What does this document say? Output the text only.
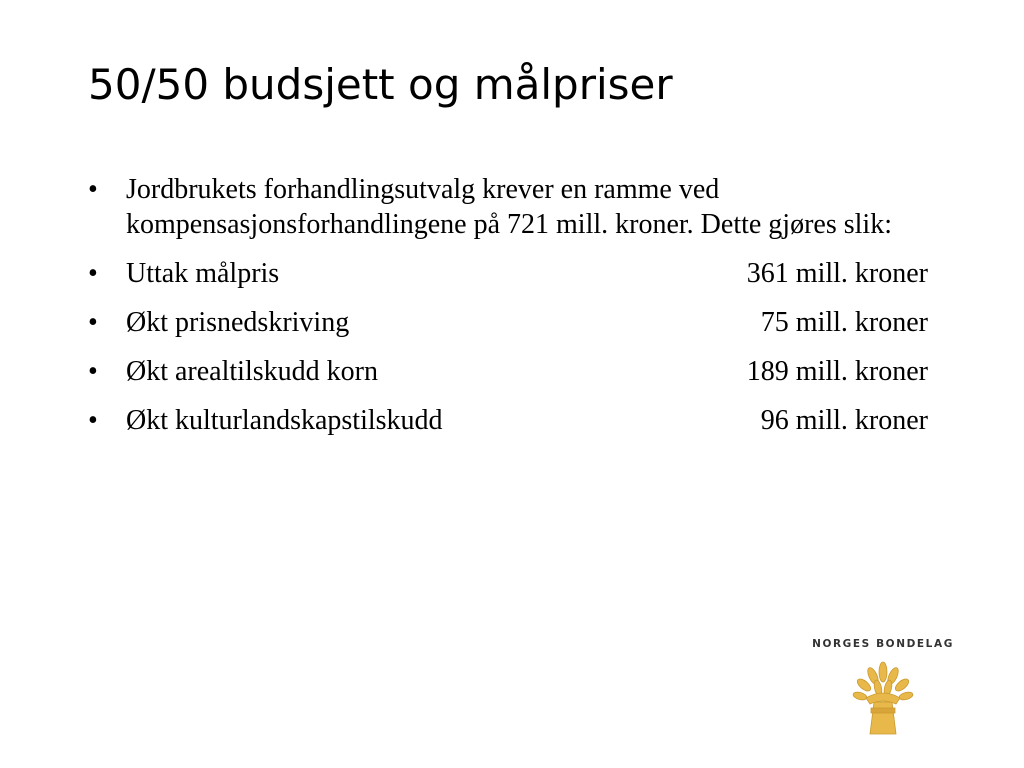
50/50 budsjett og målpriser
•	Jordbrukets forhandlingsutvalg krever en ramme ved kompensasjonsforhandlingene på 721 mill. kroner. Dette gjøres slik:
•	Uttak målpris	361 mill. kroner
•	Økt prisnedskriving	75 mill. kroner
•	Økt arealtilskudd korn	189 mill. kroner
•	Økt kulturlandskapstilskudd	96 mill. kroner
NORGES BONDELAG
